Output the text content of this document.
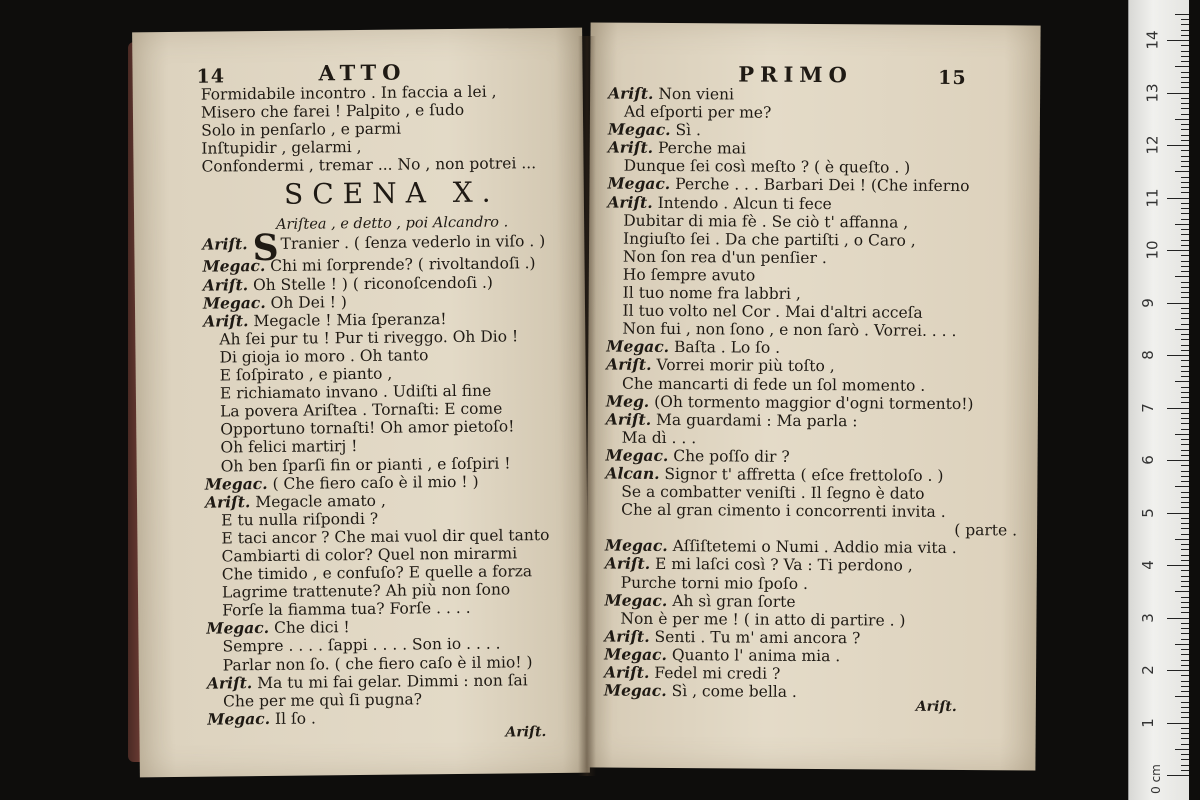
14	ATTO
Formidabile incontro . In faccia a lei ,
Misero che farei ! Palpito , e ſudo
Solo in penſarlo , e parmi
Inſtupidir , gelarmi ,
Confondermi , tremar ... No , non potrei ...
SCENA X.
Ariſtea , e detto , poi Alcandro .
Ariſt. S Tranier . ( ſenza vederlo in viſo . )
Megac. Chi mi ſorprende? ( rivoltandoſi .)
Ariſt. Oh Stelle ! ) ( riconoſcendoſi .)
Megac. Oh Dei ! )
Ariſt. Megacle ! Mia ſperanza!
Ah ſei pur tu ! Pur ti riveggo. Oh Dio !
Di gioja io moro . Oh tanto
E ſoſpirato , e pianto ,
E richiamato invano . Udiſti al fine
La povera Ariſtea . Tornaſti: E come
Opportuno tornaſti! Oh amor pietoſo!
Oh felici martirj !
Oh ben ſparſi fin or pianti , e ſoſpiri !
Megac. ( Che fiero caſo è il mio ! )
Ariſt. Megacle amato ,
E tu nulla riſpondi ?
E taci ancor ? Che mai vuol dir quel tanto
Cambiarti di color? Quel non mirarmi
Che timido , e confuſo? E quelle a forza
Lagrime trattenute? Ah più non ſono
Forſe la fiamma tua? Forſe . . . .
Megac. Che dici !
Sempre . . . . ſappi . . . . Son io . . . .
Parlar non ſo. ( che fiero caſo è il mio! )
Ariſt. Ma tu mi fai gelar. Dimmi : non ſai
Che per me quì ſi pugna?
Megac. Il ſo .
Ariſt.
PRIMO	15
Ariſt. Non vieni
Ad eſporti per me?
Megac. Sì .
Ariſt. Perche mai
Dunque ſei così meſto ? ( è queſto . )
Megac. Perche . . . Barbari Dei ! (Che inferno
Ariſt. Intendo . Alcun ti fece
Dubitar di mia fè . Se ciò t' affanna ,
Ingiuſto ſei . Da che partiſti , o Caro ,
Non ſon rea d'un penſier .
Ho ſempre avuto
Il tuo nome fra labbri ,
Il tuo volto nel Cor . Mai d'altri acceſa
Non fui , non ſono , e non ſarò . Vorrei. . . .
Megac. Baſta . Lo ſo .
Ariſt. Vorrei morir più toſto ,
Che mancarti di fede un ſol momento .
Meg. (Oh tormento maggior d'ogni tormento!)
Ariſt. Ma guardami : Ma parla :
Ma dì . . .
Megac. Che poſſo dir ?
Alcan. Signor t' affretta ( eſce frettoloſo . )
Se a combatter veniſti . Il ſegno è dato
Che al gran cimento i concorrenti invita .
( parte .
Megac. Aſſiſtetemi o Numi . Addio mia vita .
Ariſt. E mi laſci così ? Va : Ti perdono ,
Purche torni mio ſpoſo .
Megac. Ah sì gran ſorte
Non è per me ! ( in atto di partire . )
Ariſt. Senti . Tu m' ami ancora ?
Megac. Quanto l' anima mia .
Ariſt. Fedel mi credi ?
Megac. Sì , come bella .
Ariſt.
1
2
3
4
5
6
7
8
9
10
11
12
13
14
0 cm
